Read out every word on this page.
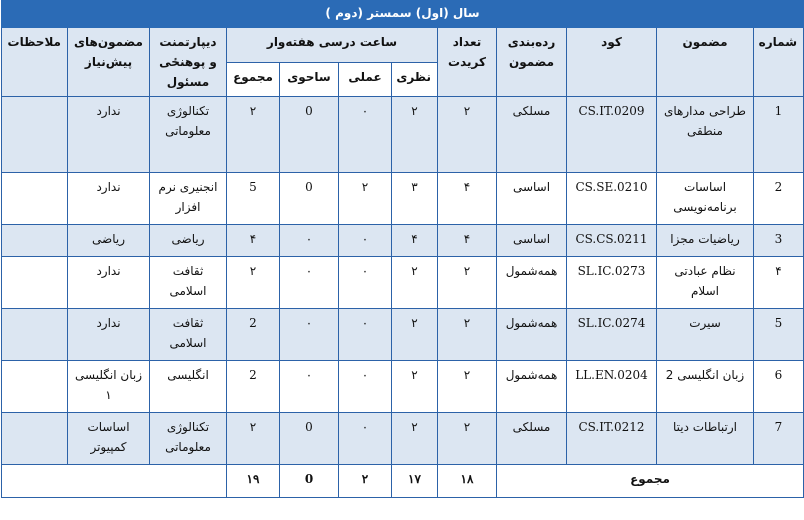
سال (اول) سمستر (دوم )											
شماره	مضمون	کود	رده‌بندی مضمون	تعداد کریدت	ساعت درسی هفته‌وار				دیپارتمنت و پوهنځی مسئول	مضمون‌های پیش‌نیاز	ملاحظات
					نظری	عملی	ساحوی	مجموع			
1	طراحی مدارهای منطقی	CS.IT.0209	مسلکی	۲	۲	۰	0	۲	تکنالوژی معلوماتی	ندارد	
2	اساسات برنامه‌نویسی	CS.SE.0210	اساسی	۴	۳	۲	0	5	انجنیری نرم افزار	ندارد	
3	ریاضیات مجزا	CS.CS.0211	اساسی	۴	۴	۰	۰	۴	ریاضی	ریاضی	
۴	نظام عبادتی اسلام	SL.IC.0273	همه‌شمول	۲	۲	۰	۰	۲	ثقافت اسلامی	ندارد	
5	سیرت	SL.IC.0274	همه‌شمول	۲	۲	۰	۰	2	ثقافت اسلامی	ندارد	
6	زبان انگلیسی 2	LL.EN.0204	همه‌شمول	۲	۲	۰	۰	2	انگلیسی	زبان انگلیسی ۱	
7	ارتباطات دیتا	CS.IT.0212	مسلکی	۲	۲	۰	0	۲	تکنالوژی معلوماتی	اساسات کمپیوتر	
مجموع				۱۸	۱۷	۲	0	۱۹			
